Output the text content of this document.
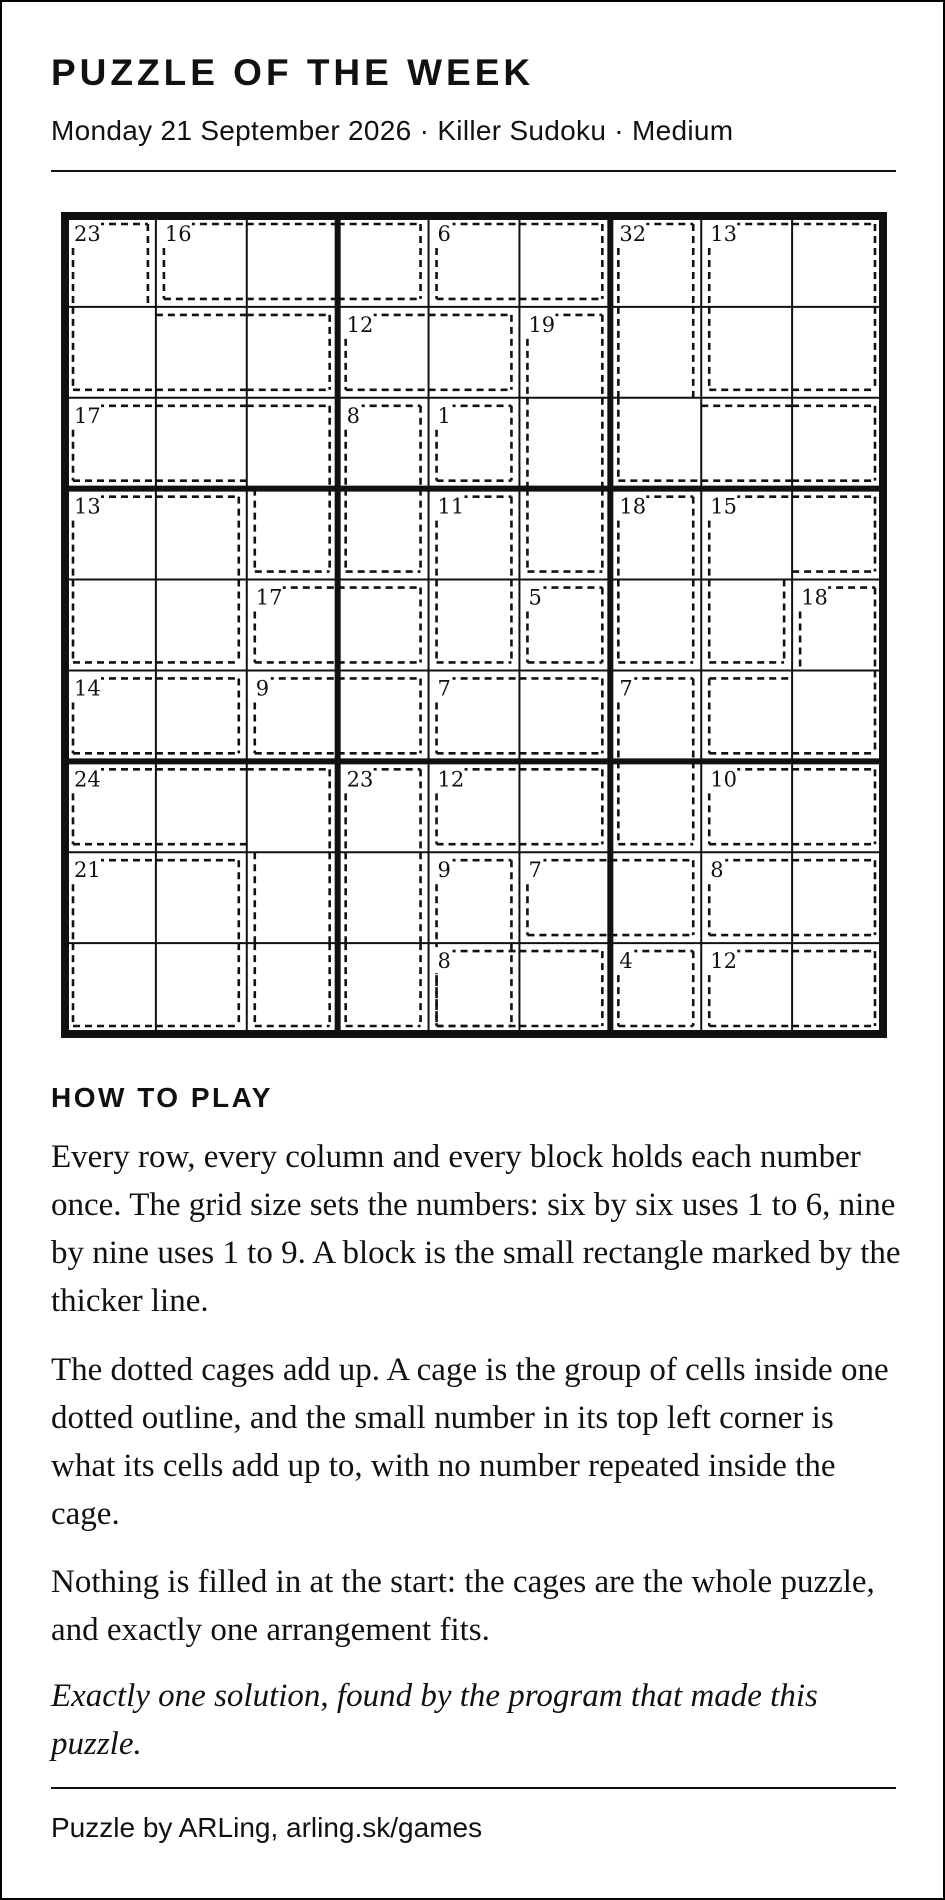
PUZZLE OF THE WEEK

Monday 21 September 2026 · Killer Sudoku · Medium

23	16	6	32	13
12	19
17	8	1
13	11	18	15
17	5	18
14	9	7	7
24	23	12	10
21	9	7	8
8	4	12
HOW TO PLAY

Every row, every column and every block holds each number once. The grid size sets the numbers: six by six uses 1 to 6, nine by nine uses 1 to 9. A block is the small rectangle marked by the thicker line.

The dotted cages add up. A cage is the group of cells inside one dotted outline, and the small number in its top left corner is what its cells add up to, with no number repeated inside the cage.

Nothing is filled in at the start: the cages are the whole puzzle, and exactly one arrangement fits.

Exactly one solution, found by the program that made this puzzle.

Puzzle by ARLing, arling.sk/games
